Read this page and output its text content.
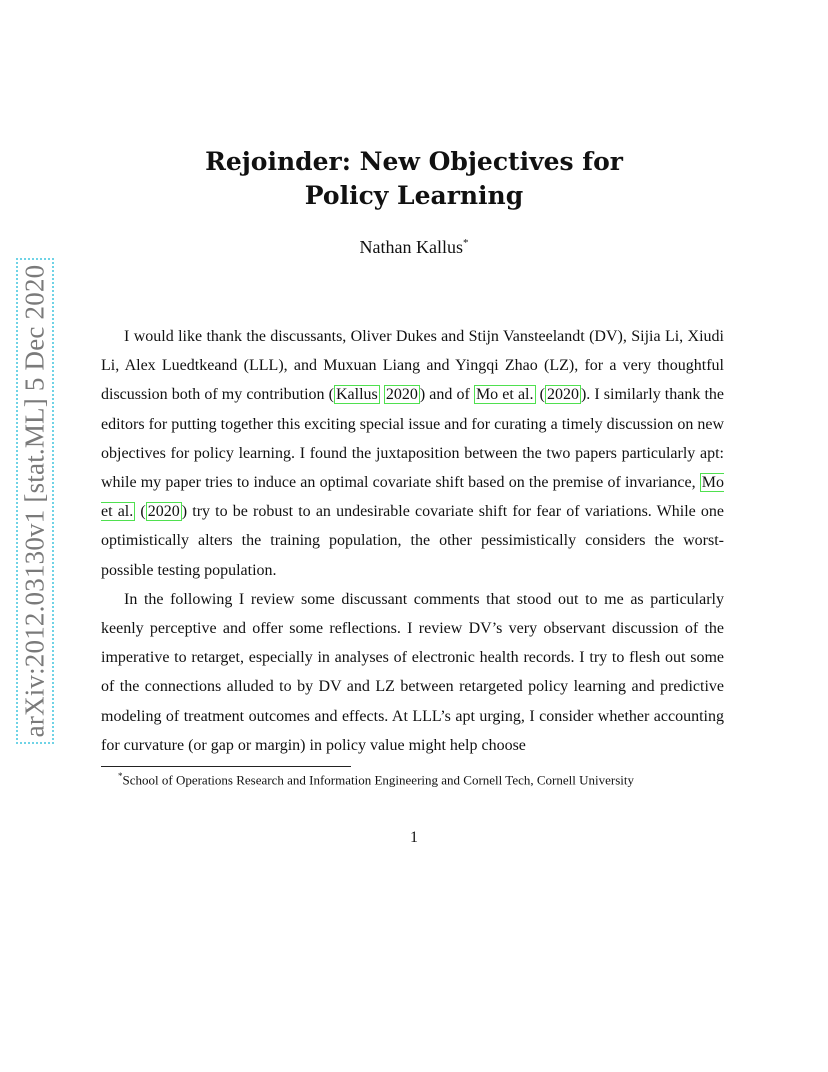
arXiv:2012.03130v1 [stat.ML] 5 Dec 2020
Rejoinder: New Objectives for
Policy Learning
Nathan Kallus*

I would like thank the discussants, Oliver Dukes and Stijn Vansteelandt (DV), Sijia Li, Xiudi Li, Alex Luedtkeand (LLL), and Muxuan Liang and Yingqi Zhao (LZ), for a very thoughtful discussion both of my contribution ( Kallus 2020 ) and of Mo et al. ( 2020 ). I similarly thank the editors for putting together this exciting special issue and for curating a timely discussion on new objectives for policy learning. I found the juxtaposition between the two papers particularly apt: while my paper tries to induce an optimal covariate shift based on the premise of invariance, Mo et al. ( 2020 ) try to be robust to an undesirable covariate shift for fear of variations. While one optimistically alters the training population, the other pessimistically considers the worst-possible testing population.

In the following I review some discussant comments that stood out to me as particularly keenly perceptive and offer some reflections. I review DV’s very observant discussion of the imperative to retarget, especially in analyses of electronic health records. I try to flesh out some of the connections alluded to by DV and LZ between retargeted policy learning and predictive modeling of treatment outcomes and effects. At LLL’s apt urging, I consider whether accounting for curvature (or gap or margin) in policy value might help choose

*School of Operations Research and Information Engineering and Cornell Tech, Cornell University
1
